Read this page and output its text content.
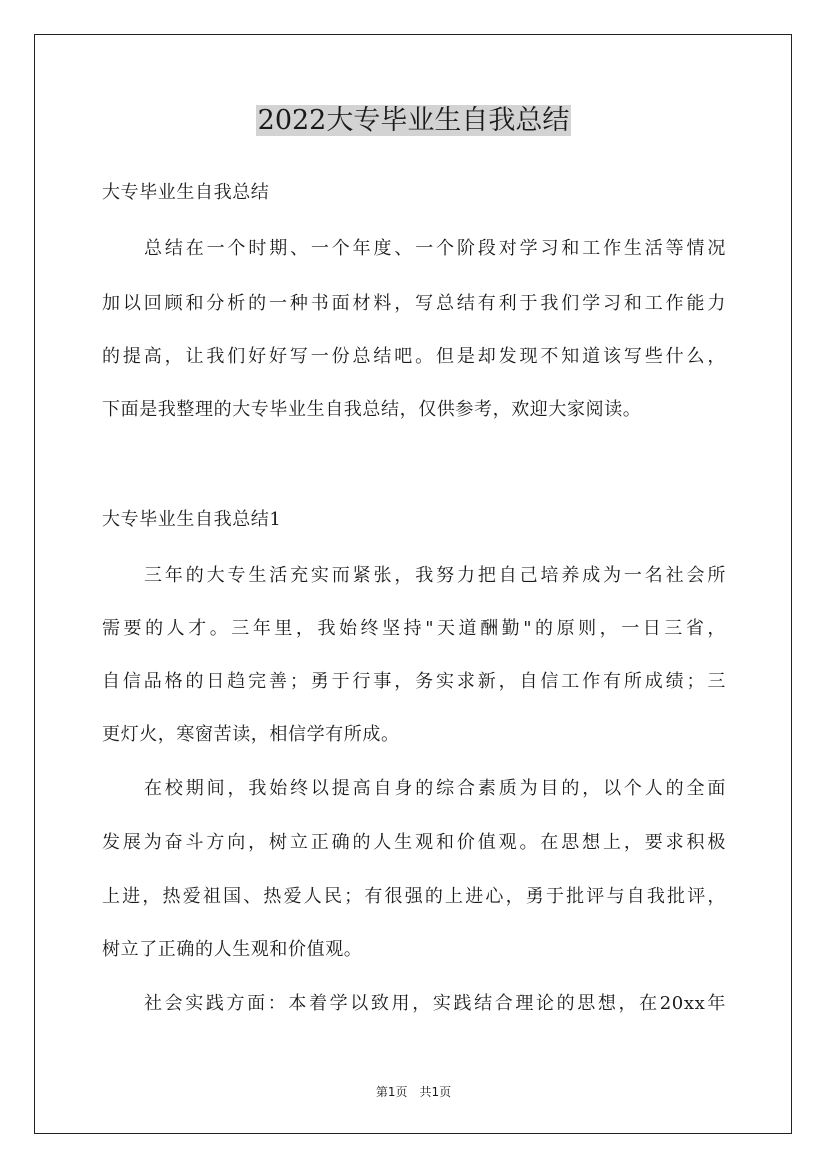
2022大专毕业生自我总结
大专毕业生自我总结
总结在一个时期、一个年度、一个阶段对学习和工作生活等情况
加以回顾和分析的一种书面材料，写总结有利于我们学习和工作能力
的提高，让我们好好写一份总结吧。但是却发现不知道该写些什么，
下面是我整理的大专毕业生自我总结，仅供参考，欢迎大家阅读。
大专毕业生自我总结1
三年的大专生活充实而紧张，我努力把自己培养成为一名社会所
需要的人才。三年里，我始终坚持"天道酬勤"的原则，一日三省，
自信品格的日趋完善；勇于行事，务实求新，自信工作有所成绩；三
更灯火，寒窗苦读，相信学有所成。
在校期间，我始终以提高自身的综合素质为目的，以个人的全面
发展为奋斗方向，树立正确的人生观和价值观。在思想上，要求积极
上进，热爱祖国、热爱人民；有很强的上进心，勇于批评与自我批评，
树立了正确的人生观和价值观。
社会实践方面：本着学以致用，实践结合理论的思想，在20xx年
第1页　共1页
